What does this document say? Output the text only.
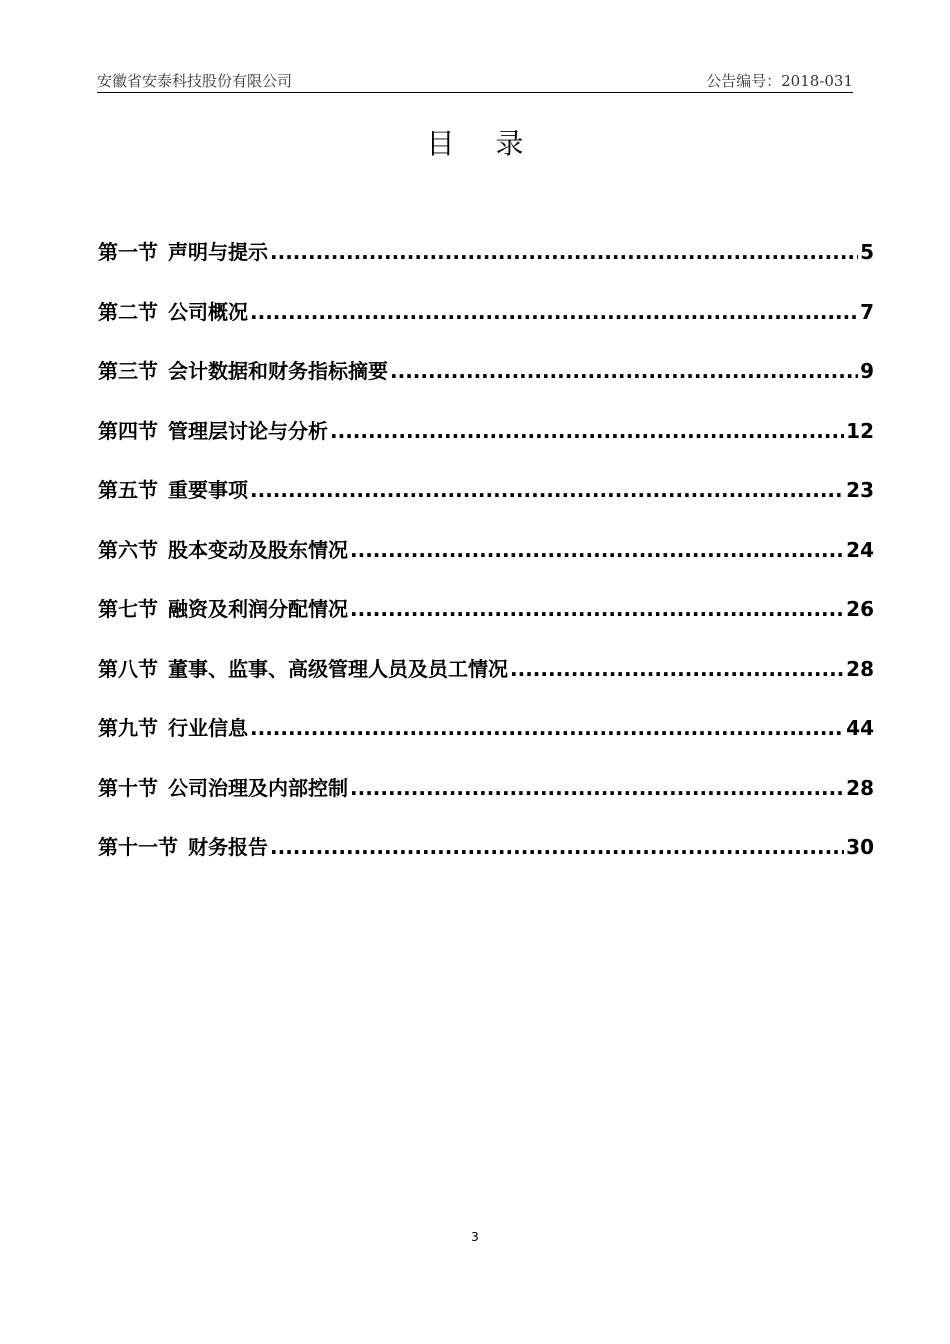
安徽省安泰科技股份有限公司	公告编号：2018-031
目 录
第一节 声明与提示 .....	5
第二节 公司概况 .....	7
第三节 会计数据和财务指标摘要 .....	9
第四节 管理层讨论与分析 .....	12
第五节 重要事项 .....	23
第六节 股本变动及股东情况 .....	24
第七节 融资及利润分配情况 .....	26
第八节 董事、监事、高级管理人员及员工情况 .....	28
第九节 行业信息 .....	44
第十节 公司治理及内部控制 .....	28
第十一节 财务报告 .....	30
3
